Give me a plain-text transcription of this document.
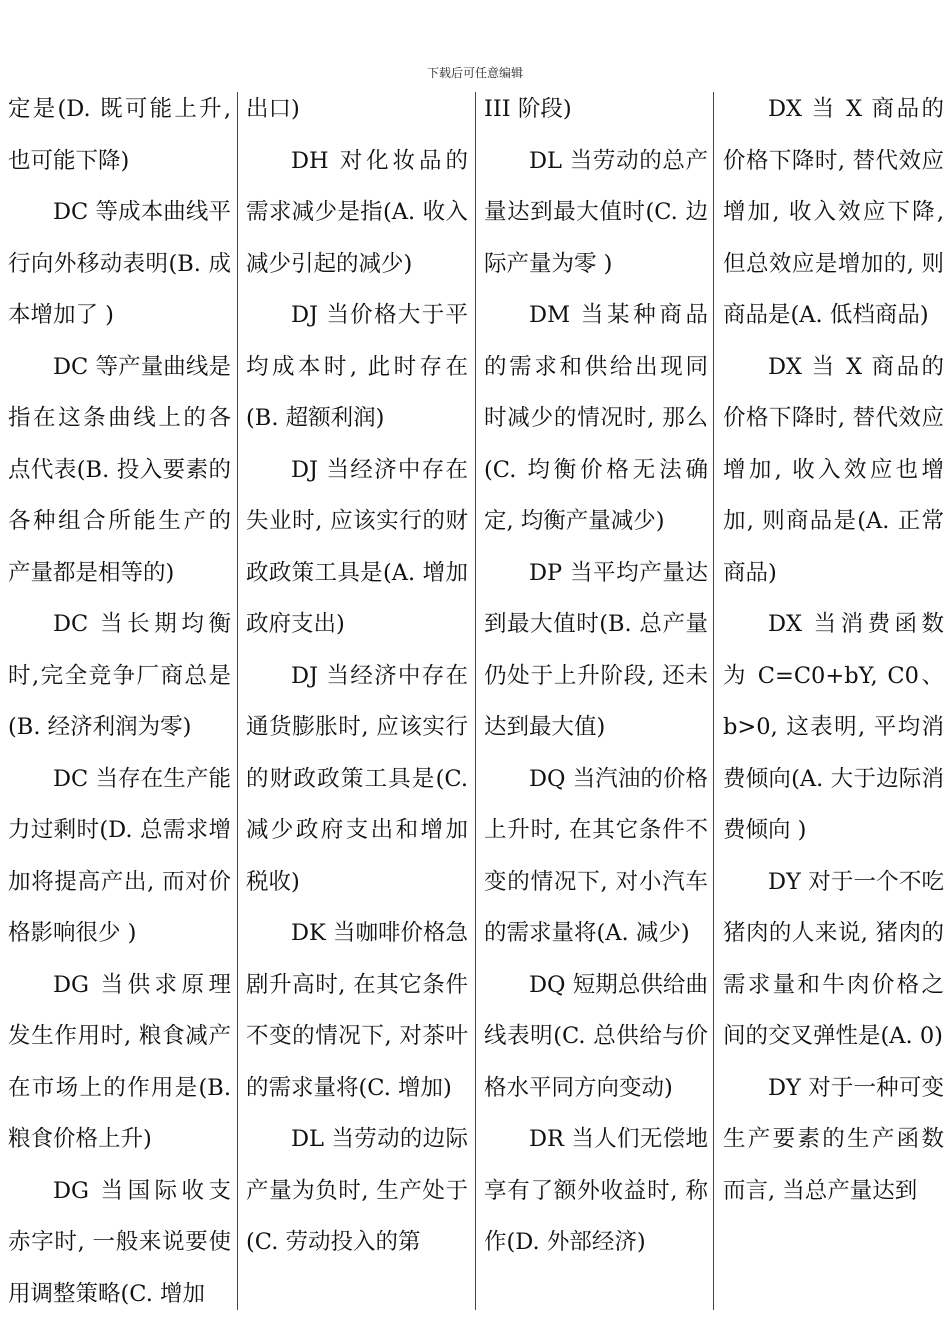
下载后可任意编辑

定是(D. 既可能上升,也可能下降)

DC 等成本曲线平行向外移动表明(B. 成本增加了 )

DC 等产量曲线是指在这条曲线上的各点代表(B. 投入要素的各种组合所能生产的产量都是相等的)

DC 当长期均衡时,完全竞争厂商总是(B. 经济利润为零)

DC 当存在生产能力过剩时(D. 总需求增加将提高产出, 而对价格影响很少 )

DG 当供求原理发生作用时, 粮食减产在市场上的作用是(B. 粮食价格上升)

DG 当国际收支赤字时, 一般来说要使用调整策略(C. 增加

出口)

DH 对化妆品的需求减少是指(A. 收入减少引起的减少)

DJ 当价格大于平均成本时, 此时存在(B. 超额利润)

DJ 当经济中存在失业时, 应该实行的财政政策工具是(A. 增加政府支出)

DJ 当经济中存在通货膨胀时, 应该实行的财政政策工具是(C. 减少政府支出和增加税收)

DK 当咖啡价格急剧升高时, 在其它条件不变的情况下, 对茶叶的需求量将(C. 增加)

DL 当劳动的边际产量为负时, 生产处于(C. 劳动投入的第

III 阶段)

DL 当劳动的总产量达到最大值时(C. 边际产量为零 )

DM 当某种商品的需求和供给出现同时减少的情况时, 那么(C. 均衡价格无法确定, 均衡产量减少)

DP 当平均产量达到最大值时(B. 总产量仍处于上升阶段, 还未达到最大值)

DQ 当汽油的价格上升时, 在其它条件不变的情况下, 对小汽车的需求量将(A. 减少)

DQ 短期总供给曲线表明(C. 总供给与价格水平同方向变动)

DR 当人们无偿地享有了额外收益时, 称作(D. 外部经济)

DX 当 X 商品的价格下降时, 替代效应增加, 收入效应下降, 但总效应是增加的, 则商品是(A. 低档商品)

DX 当 X 商品的价格下降时, 替代效应增加, 收入效应也增加, 则商品是(A. 正常商品)

DX 当消费函数为 C=C0+bY, C0、 b>0, 这表明, 平均消费倾向(A. 大于边际消费倾向 )

DY 对于一个不吃猪肉的人来说, 猪肉的需求量和牛肉价格之间的交叉弹性是(A. 0)

DY 对于一种可变生产要素的生产函数而言, 当总产量达到
